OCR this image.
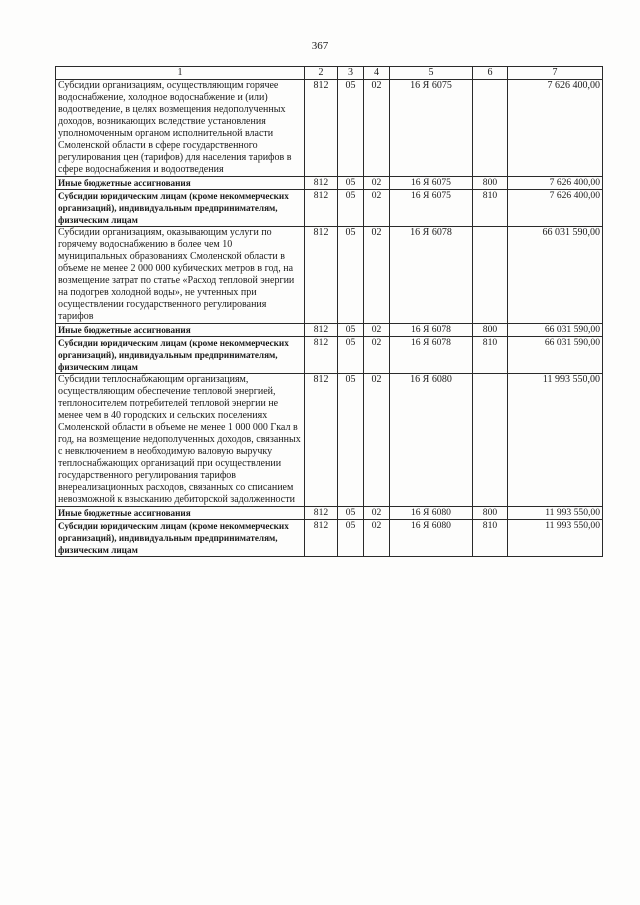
367
1	2	3	4	5	6	7
Субсидии организациям, осуществляющим горячее водоснабжение, холодное водоснабжение и (или) водоотведение, в целях возмещения недополученных доходов, возникающих вследствие установления уполномоченным органом исполнительной власти Смоленской области в сфере государственного регулирования цен (тарифов) для населения тарифов в сфере водоснабжения и водоотведения	812	05	02	16 Я 6075		7 626 400,00
Иные бюджетные ассигнования	812	05	02	16 Я 6075	800	7 626 400,00
Субсидии юридическим лицам (кроме некоммерческих организаций), индивидуальным предпринимателям, физическим лицам	812	05	02	16 Я 6075	810	7 626 400,00
Субсидии организациям, оказывающим услуги по горячему водоснабжению в более чем 10 муниципальных образованиях Смоленской области в объеме не менее 2 000 000 кубических метров в год, на возмещение затрат по статье «Расход тепловой энергии на подогрев холодной воды», не учтенных при осуществлении государственного регулирования тарифов	812	05	02	16 Я 6078		66 031 590,00
Иные бюджетные ассигнования	812	05	02	16 Я 6078	800	66 031 590,00
Субсидии юридическим лицам (кроме некоммерческих организаций), индивидуальным предпринимателям, физическим лицам	812	05	02	16 Я 6078	810	66 031 590,00
Субсидии теплоснабжающим организациям, осуществляющим обеспечение тепловой энергией, теплоносителем потребителей тепловой энергии не менее чем в 40 городских и сельских поселениях Смоленской области в объеме не менее 1 000 000 Гкал в год, на возмещение недополученных доходов, связанных с невключением в необходимую валовую выручку теплоснабжающих организаций при осуществлении государственного регулирования тарифов внереализационных расходов, связанных со списанием невозможной к взысканию дебиторской задолженности	812	05	02	16 Я 6080		11 993 550,00
Иные бюджетные ассигнования	812	05	02	16 Я 6080	800	11 993 550,00
Субсидии юридическим лицам (кроме некоммерческих организаций), индивидуальным предпринимателям, физическим лицам	812	05	02	16 Я 6080	810	11 993 550,00
